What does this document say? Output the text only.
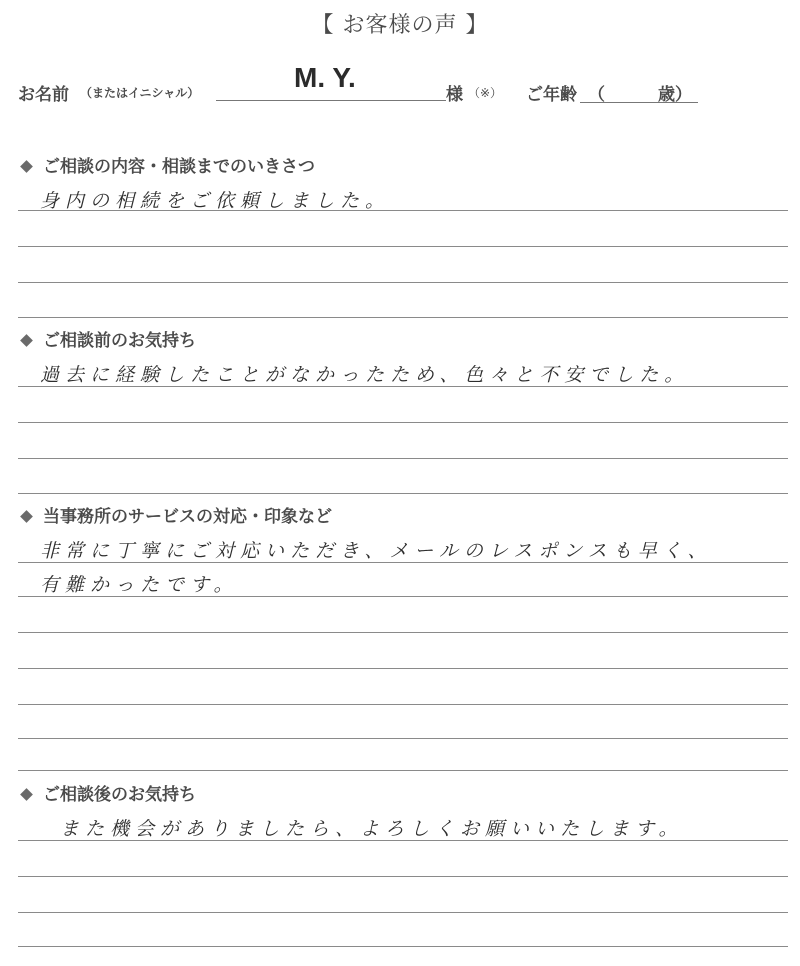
【 お客様の声 】
お名前 （またはイニシャル）	M. Y.
様 （※） ご年齢 （	歳）
ご相談の内容・相談までのいきさつ
身内の相続をご依頼しました。
ご相談前のお気持ち
過去に経験したことがなかったため、色々と不安でした。
当事務所のサービスの対応・印象など
非常に丁寧にご対応いただき、メールのレスポンスも早く、
有難かったです。
ご相談後のお気持ち
また機会がありましたら、よろしくお願いいたします。
